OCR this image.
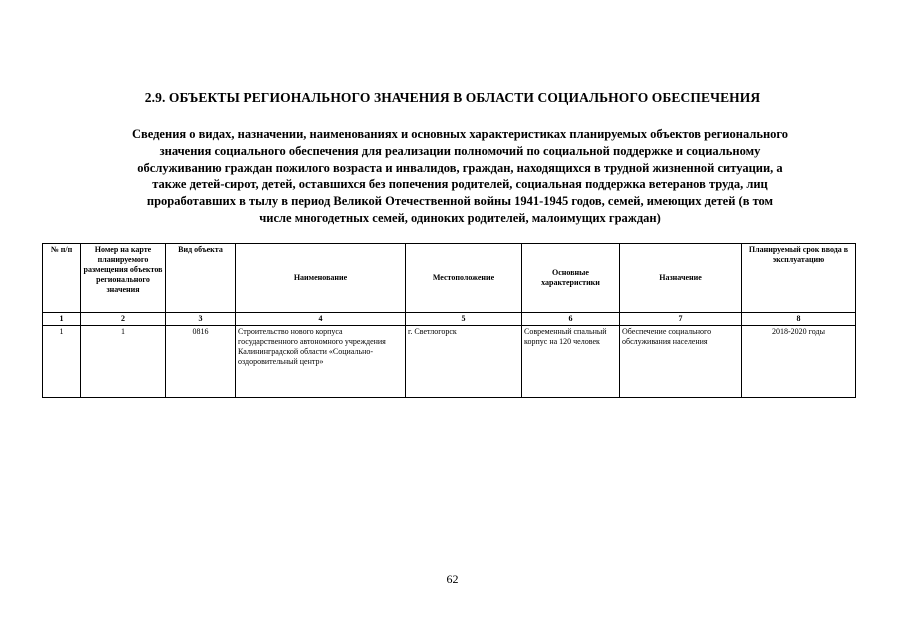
2.9. ОБЪЕКТЫ РЕГИОНАЛЬНОГО ЗНАЧЕНИЯ В ОБЛАСТИ СОЦИАЛЬНОГО ОБЕСПЕЧЕНИЯ
Сведения о видах, назначении, наименованиях и основных характеристиках планируемых объектов регионального
значения социального обеспечения для реализации полномочий по социальной поддержке и социальному
обслуживанию граждан пожилого возраста и инвалидов, граждан, находящихся в трудной жизненной ситуации, а
также детей-сирот, детей, оставшихся без попечения родителей, социальная поддержка ветеранов труда, лиц
проработавших в тылу в период Великой Отечественной войны 1941-1945 годов, семей, имеющих детей (в том
числе многодетных семей, одиноких родителей, малоимущих граждан)
№ п/п	Номер на карте планируемого размещения объектов регионального значения	Вид объекта	Наименование	Местоположение	Основные характеристики	Назначение	Планируемый срок ввода в эксплуатацию
1	2	3	4	5	6	7	8
1	1	0816	Строительство нового корпуса государственного автономного учреждения Калининградской области «Социально-оздоровительный центр»	г. Светлогорск	Современный спальный корпус на 120 человек	Обеспечение социального обслуживания населения	2018-2020 годы
62
